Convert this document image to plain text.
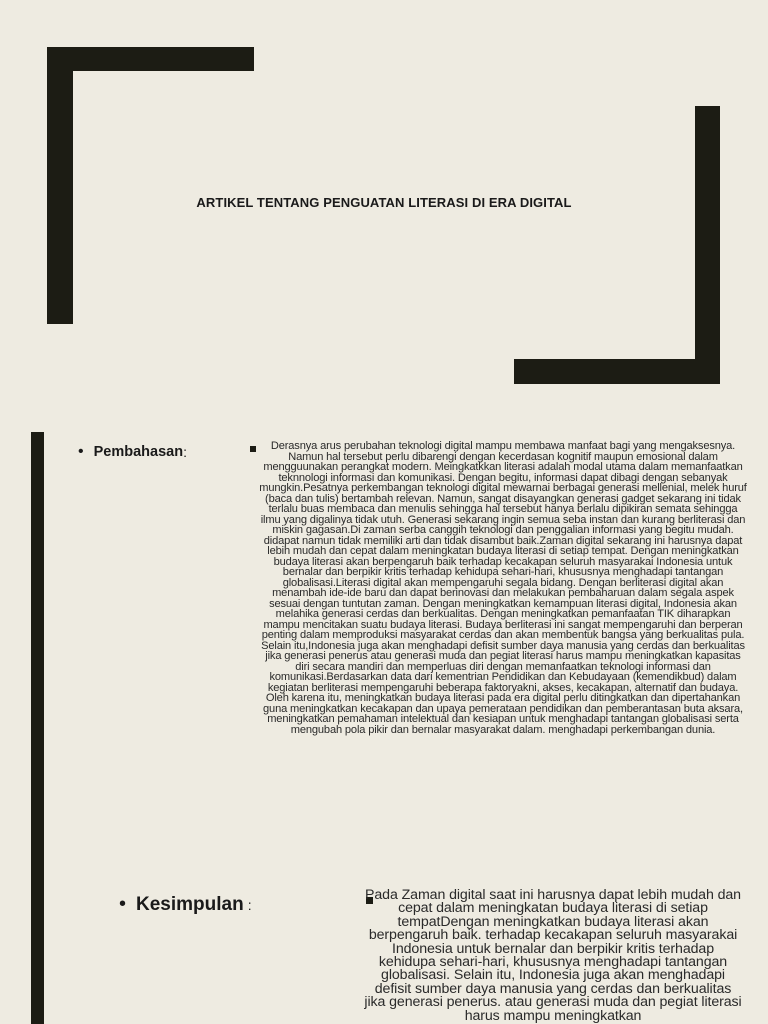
ARTIKEL TENTANG PENGUATAN LITERASI DI ERA DIGITAL
• Pembahasan :	Derasnya arus perubahan teknologi digital mampu membawa manfaat bagi yang mengaksesnya. Namun hal tersebut perlu dibarengi dengan kecerdasan kognitif maupun emosional dalam mengguunakan perangkat modern. Meingkatkkan literasi adalah modal utama dalam memanfaatkan teknnologi informasi dan komunikasi. Dengan begitu, informasi dapat dibagi dengan sebanyak mungkin.Pesatnya perkembangan teknologi digital mewarnai berbagai generasi mellenial, melek huruf (baca dan tulis) bertambah relevan. Namun, sangat disayangkan generasi gadget sekarang ini tidak terlalu buas membaca dan menulis sehingga hal tersebut hanya berlalu dipikiran semata sehingga ilmu yang digalinya tidak utuh. Generasi sekarang ingin semua seba instan dan kurang berliterasi dan miskin gagasan.Di zaman serba canggih teknologi dan penggalian informasi yang begitu mudah. didapat namun tidak memiliki arti dan tidak disambut baik.Zaman digital sekarang ini harusnya dapat lebih mudah dan cepat dalam meningkatan budaya literasi di setiap tempat. Dengan meningkatkan budaya literasi akan berpengaruh baik terhadap kecakapan seluruh masyarakai Indonesia untuk bernalar dan berpikir kritis terhadap kehidupa sehari-hari, khususnya menghadapi tantangan globalisasi.Literasi digital akan mempengaruhi segala bidang. Dengan berliterasi digital akan menambah ide-ide baru dan dapat berinovasi dan melakukan pembaharuan dalam segala aspek sesuai dengan tuntutan zaman. Dengan meningkatkan kemampuan literasi digital, Indonesia akan melahika generasi cerdas dan berkualitas. Dengan meningkatkan pemanfaatan TIK diharapkan mampu mencitakan suatu budaya literasi. Budaya berliterasi ini sangat mempengaruhi dan berperan penting dalam memproduksi masyarakat cerdas dan akan membentuk bangsa yang berkualitas pula. Selain itu,Indonesia juga akan menghadapi defisit sumber daya manusia yang cerdas dan berkualitas jika generasi penerus atau generasi muda dan pegiat literasi harus mampu meningkatkan kapasitas diri secara mandiri dan memperluas diri dengan memanfaatkan teknologi informasi dan komunikasi.Berdasarkan data dari kementrian Pendidikan dan Kebudayaan (kemendikbud) dalam kegiatan berliterasi mempengaruhi beberapa faktoryakni, akses, kecakapan, alternatif dan budaya. Oleh karena itu, meningkatkan budaya literasi pada era digital perlu ditingkatkan dan dipertahankan guna meningkatkan kecakapan dan upaya pemerataan pendidikan dan pemberantasan buta aksara, meningkatkan pemahaman intelektual dan kesiapan untuk menghadapi tantangan globalisasi serta mengubah pola pikir dan bernalar masyarakat dalam. menghadapi perkembangan dunia.

• Kesimpulan :

Pada Zaman digital saat ini harusnya dapat lebih mudah dan cepat dalam meningkatan budaya literasi di setiap tempatDengan meningkatkan budaya literasi akan berpengaruh baik. terhadap kecakapan seluruh masyarakai Indonesia untuk bernalar dan berpikir kritis terhadap kehidupa sehari-hari, khususnya menghadapi tantangan globalisasi. Selain itu, Indonesia juga akan menghadapi defisit sumber daya manusia yang cerdas dan berkualitas jika generasi penerus. atau generasi muda dan pegiat literasi harus mampu meningkatkan
